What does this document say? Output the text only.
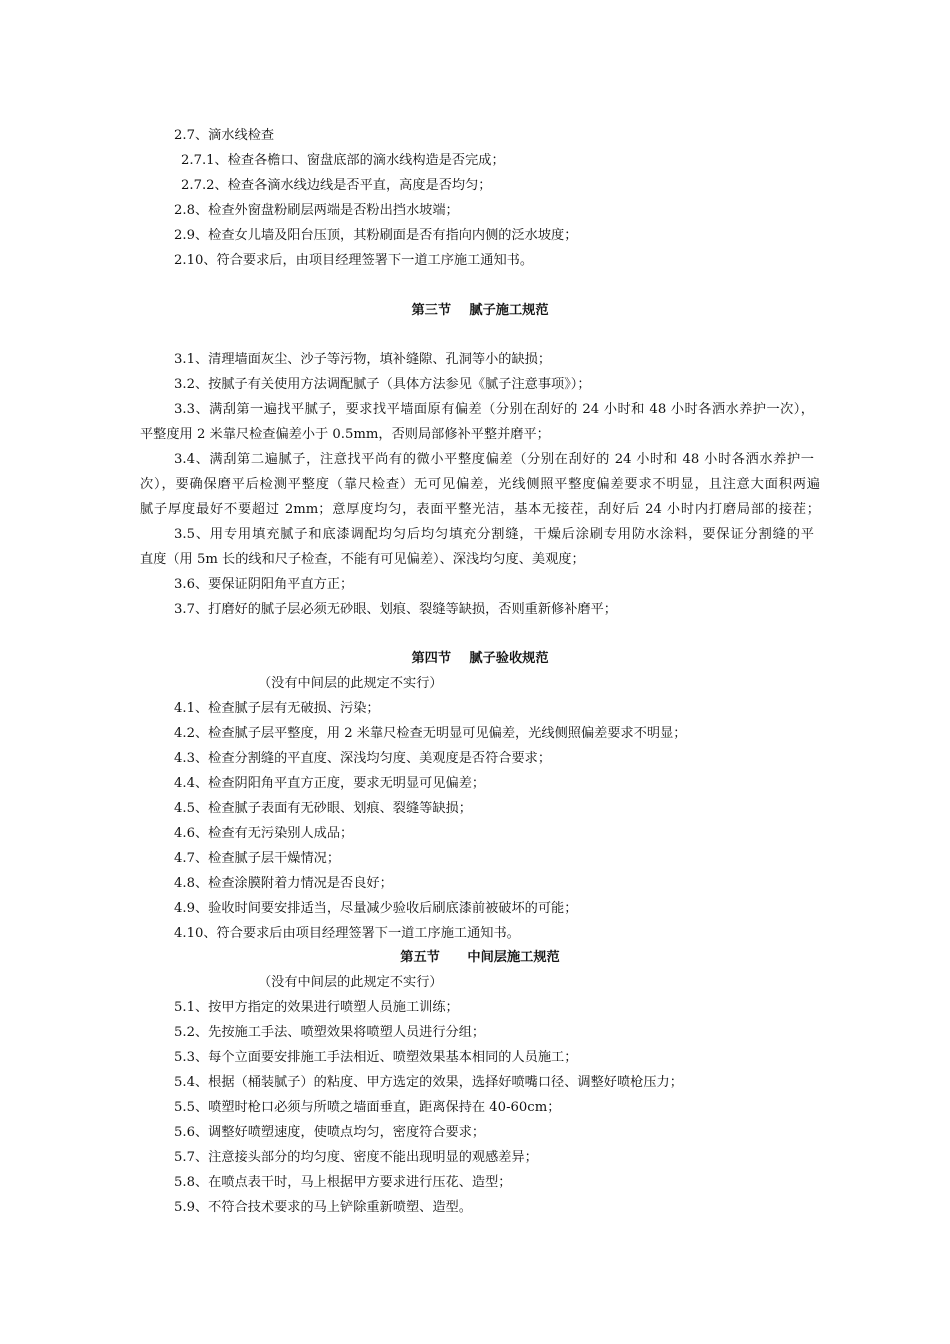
2.7、滴水线检查
2.7.1、检查各檐口、窗盘底部的滴水线构造是否完成；
2.7.2、检查各滴水线边线是否平直，高度是否均匀；
2.8、检查外窗盘粉刷层两端是否粉出挡水坡端；
2.9、检查女儿墙及阳台压顶，其粉刷面是否有指向内侧的泛水坡度；
2.10、符合要求后，由项目经理签署下一道工序施工通知书。
第三节    腻子施工规范
3.1、清理墙面灰尘、沙子等污物，填补缝隙、孔洞等小的缺损；
3.2、按腻子有关使用方法调配腻子（具体方法参见《腻子注意事项》）；
3.3、满刮第一遍找平腻子，要求找平墙面原有偏差（分别在刮好的 24 小时和 48 小时各洒水养护一次），
平整度用 2 米靠尺检查偏差小于 0.5mm，否则局部修补平整并磨平；
3.4、满刮第二遍腻子，注意找平尚有的微小平整度偏差（分别在刮好的 24 小时和 48 小时各洒水养护一
次），要确保磨平后检测平整度（靠尺检查）无可见偏差，光线侧照平整度偏差要求不明显，且注意大面积两遍
腻子厚度最好不要超过 2mm；意厚度均匀，表面平整光洁，基本无接茬，刮好后 24 小时内打磨局部的接茬；
3.5、用专用填充腻子和底漆调配均匀后均匀填充分割缝，干燥后涂刷专用防水涂料，要保证分割缝的平
直度（用 5m 长的线和尺子检查，不能有可见偏差）、深浅均匀度、美观度；
3.6、要保证阴阳角平直方正；
3.7、打磨好的腻子层必须无砂眼、划痕、裂缝等缺损，否则重新修补磨平；
第四节    腻子验收规范
（没有中间层的此规定不实行）
4.1、检查腻子层有无破损、污染；
4.2、检查腻子层平整度，用 2 米靠尺检查无明显可见偏差，光线侧照偏差要求不明显；
4.3、检查分割缝的平直度、深浅均匀度、美观度是否符合要求；
4.4、检查阴阳角平直方正度，要求无明显可见偏差；
4.5、检查腻子表面有无砂眼、划痕、裂缝等缺损；
4.6、检查有无污染别人成品；
4.7、检查腻子层干燥情况；
4.8、检查涂膜附着力情况是否良好；
4.9、验收时间要安排适当，尽量减少验收后刷底漆前被破坏的可能；
4.10、符合要求后由项目经理签署下一道工序施工通知书。
第五节      中间层施工规范
（没有中间层的此规定不实行）
5.1、按甲方指定的效果进行喷塑人员施工训练；
5.2、先按施工手法、喷塑效果将喷塑人员进行分组；
5.3、每个立面要安排施工手法相近、喷塑效果基本相同的人员施工；
5.4、根据（桶装腻子）的粘度、甲方选定的效果，选择好喷嘴口径、调整好喷枪压力；
5.5、喷塑时枪口必须与所喷之墙面垂直，距离保持在 40-60cm；
5.6、调整好喷塑速度，使喷点均匀，密度符合要求；
5.7、注意接头部分的均匀度、密度不能出现明显的观感差异；
5.8、在喷点表干时，马上根据甲方要求进行压花、造型；
5.9、不符合技术要求的马上铲除重新喷塑、造型。
